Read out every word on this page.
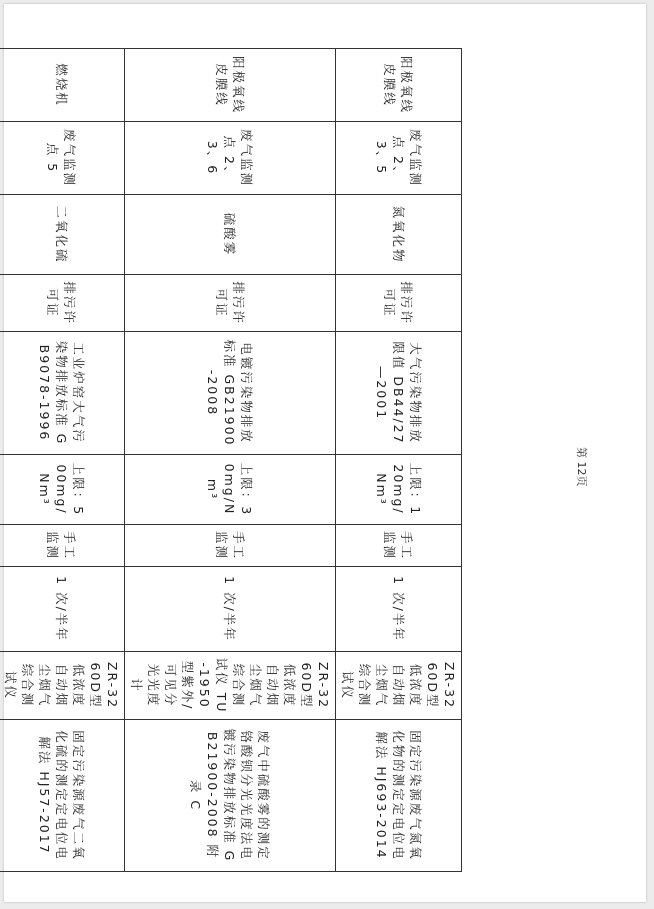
阳极氧线皮膜线	废气监测点 2、3、5	氮氧化物	排污许可证	大气污染物排放限值 DB44/27—2001	上限：120mg/Nm³	手工监测	1 次/半年	ZR-3260D型低浓度自动烟尘烟气综合测试仪	固定污染源废气氮氧化物的测定定电位电解法 HJ693-2014
阳极氧线皮膜线	废气监测点 2、3、6	硫酸雾	排污许可证	电镀污染物排放标准 GB21900-2008	上限：30mg/Nm³	手工监测	1 次/半年	ZR-3260D型低浓度自动烟尘烟气综合测试仪 TU-1950 型紫外/可见分光光度计	废气中硫酸雾的测定铬酸钡分光光度法电镀污染物排放标准 GB21900-2008 附录 C
燃烧机	废气监测点 5	二氧化硫	排污许可证	工业炉窑大气污染物排放标准 GB9078-1996	上限：500mg/Nm³	手工监测	1 次/半年	ZR-3260D型低浓度自动烟尘烟气综合测试仪	固定污染源废气二氧化硫的测定定电位电解法 HJ57-2017
第 12页
